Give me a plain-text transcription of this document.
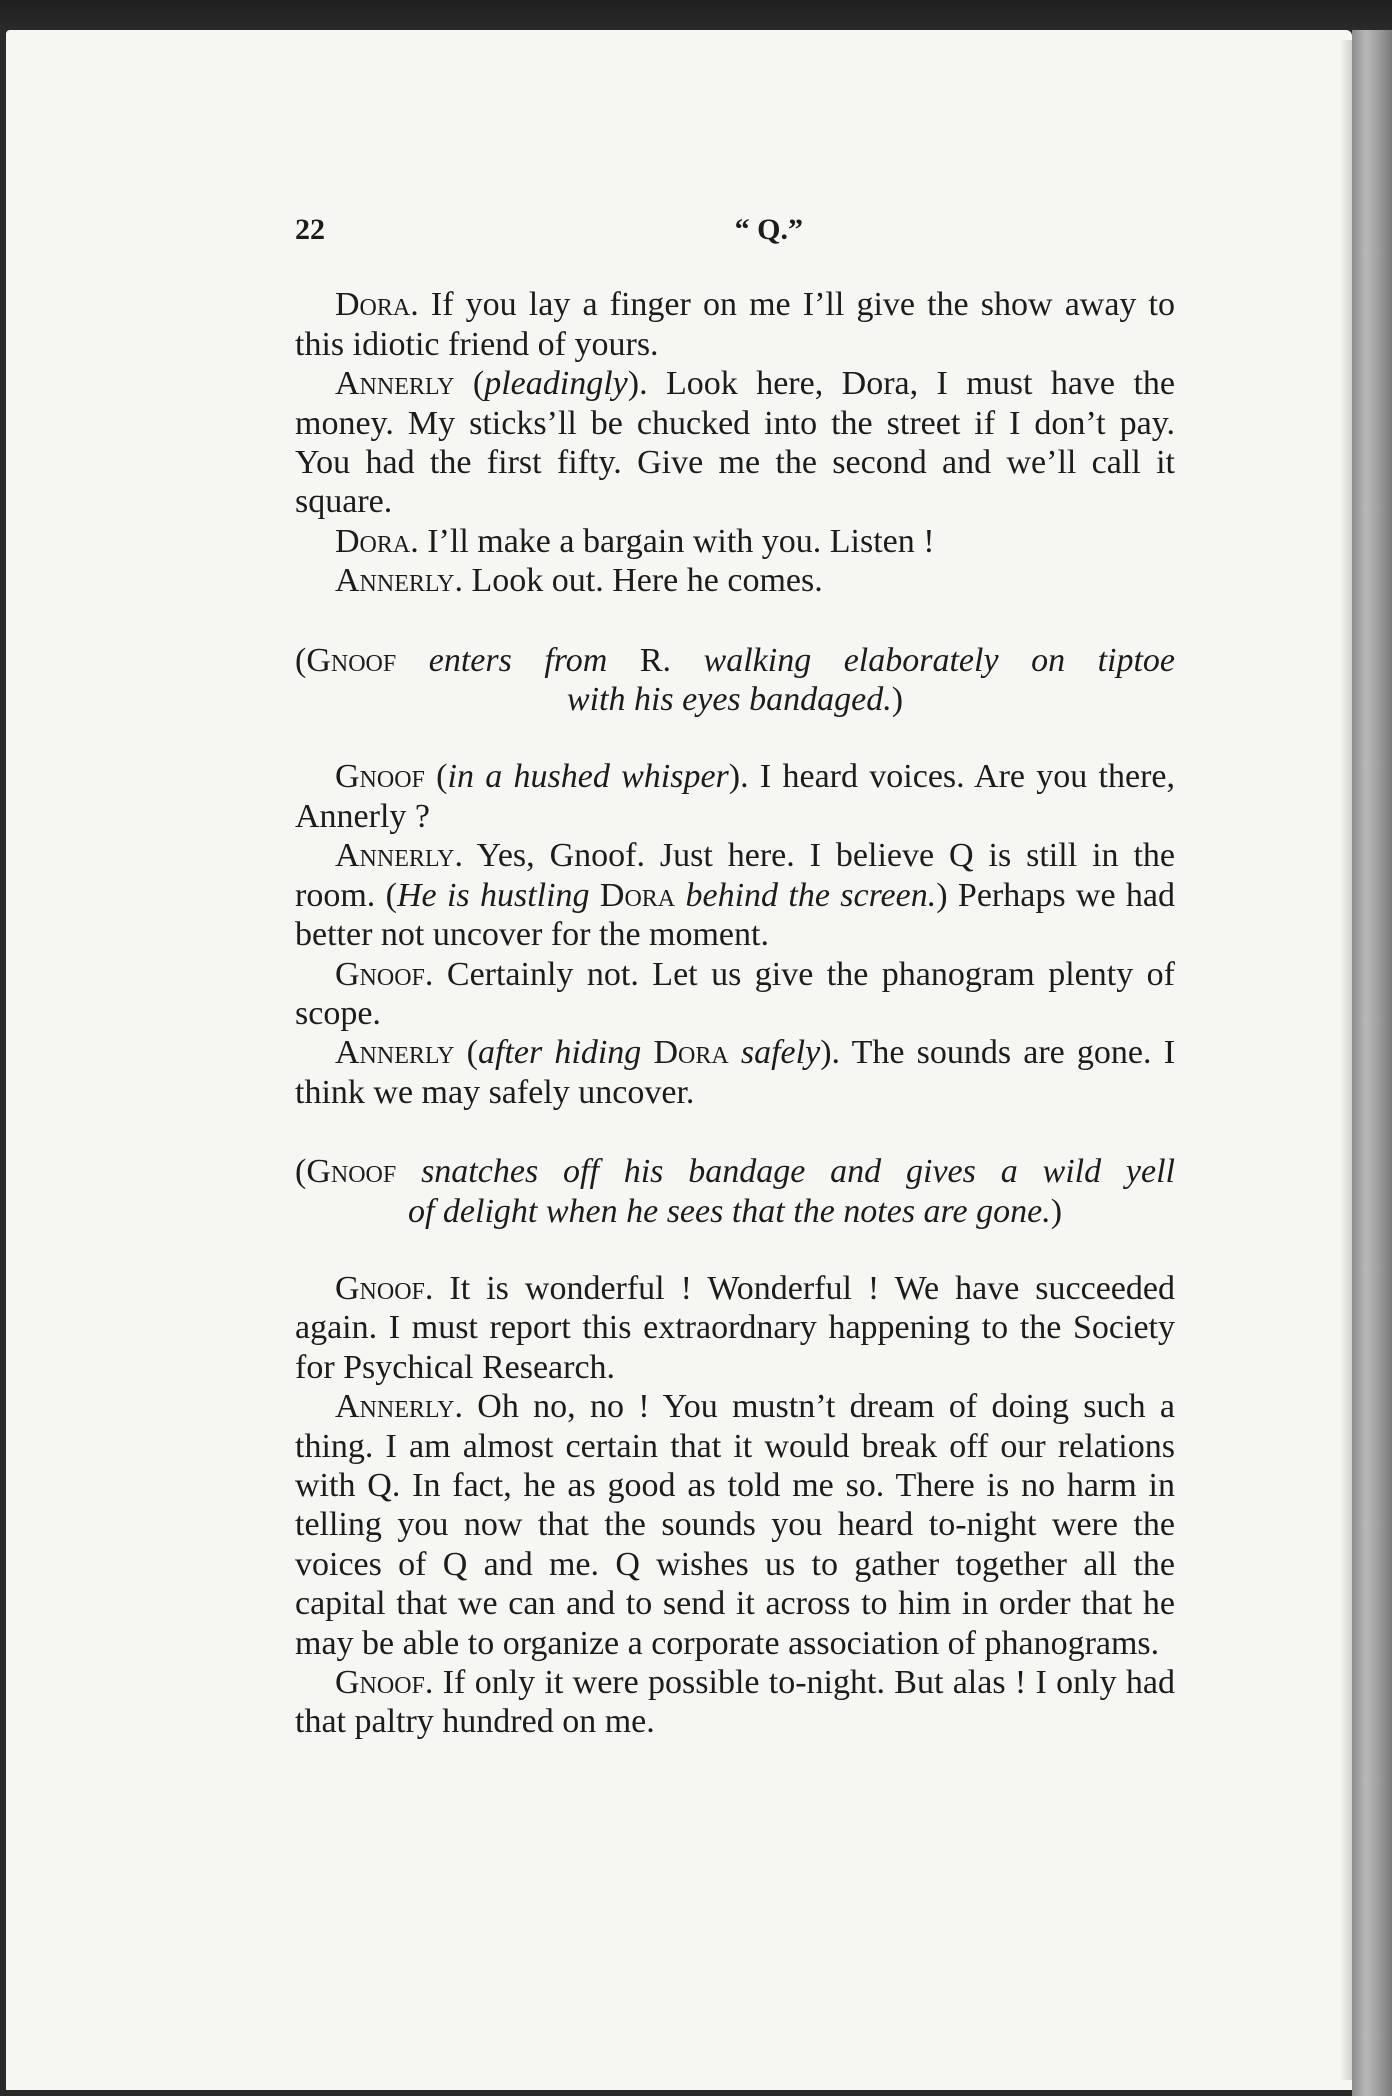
22	“ Q.”

Dora. If you lay a finger on me I’ll give the show away to this idiotic friend of yours.

Annerly (pleadingly). Look here, Dora, I must have the money. My sticks’ll be chucked into the street if I don’t pay. You had the first fifty. Give me the second and we’ll call it square.

Dora. I’ll make a bargain with you. Listen !

Annerly. Look out. Here he comes.

(Gnoof enters from R. walking elaborately on tiptoe
with his eyes bandaged.)

Gnoof (in a hushed whisper). I heard voices. Are you there, Annerly ?

Annerly. Yes, Gnoof. Just here. I believe Q is still in the room. (He is hustling Dora behind the screen.) Perhaps we had better not uncover for the moment.

Gnoof. Certainly not. Let us give the phanogram plenty of scope.

Annerly (after hiding Dora safely). The sounds are gone. I think we may safely uncover.

(Gnoof snatches off his bandage and gives a wild yell
of delight when he sees that the notes are gone.)

Gnoof. It is wonderful ! Wonderful ! We have succeeded again. I must report this extraordnary happening to the Society for Psychical Research.

Annerly. Oh no, no ! You mustn’t dream of doing such a thing. I am almost certain that it would break off our relations with Q. In fact, he as good as told me so. There is no harm in telling you now that the sounds you heard to-night were the voices of Q and me. Q wishes us to gather together all the capital that we can and to send it across to him in order that he may be able to organize a corporate association of phanograms.

Gnoof. If only it were possible to-night. But alas ! I only had that paltry hundred on me.
